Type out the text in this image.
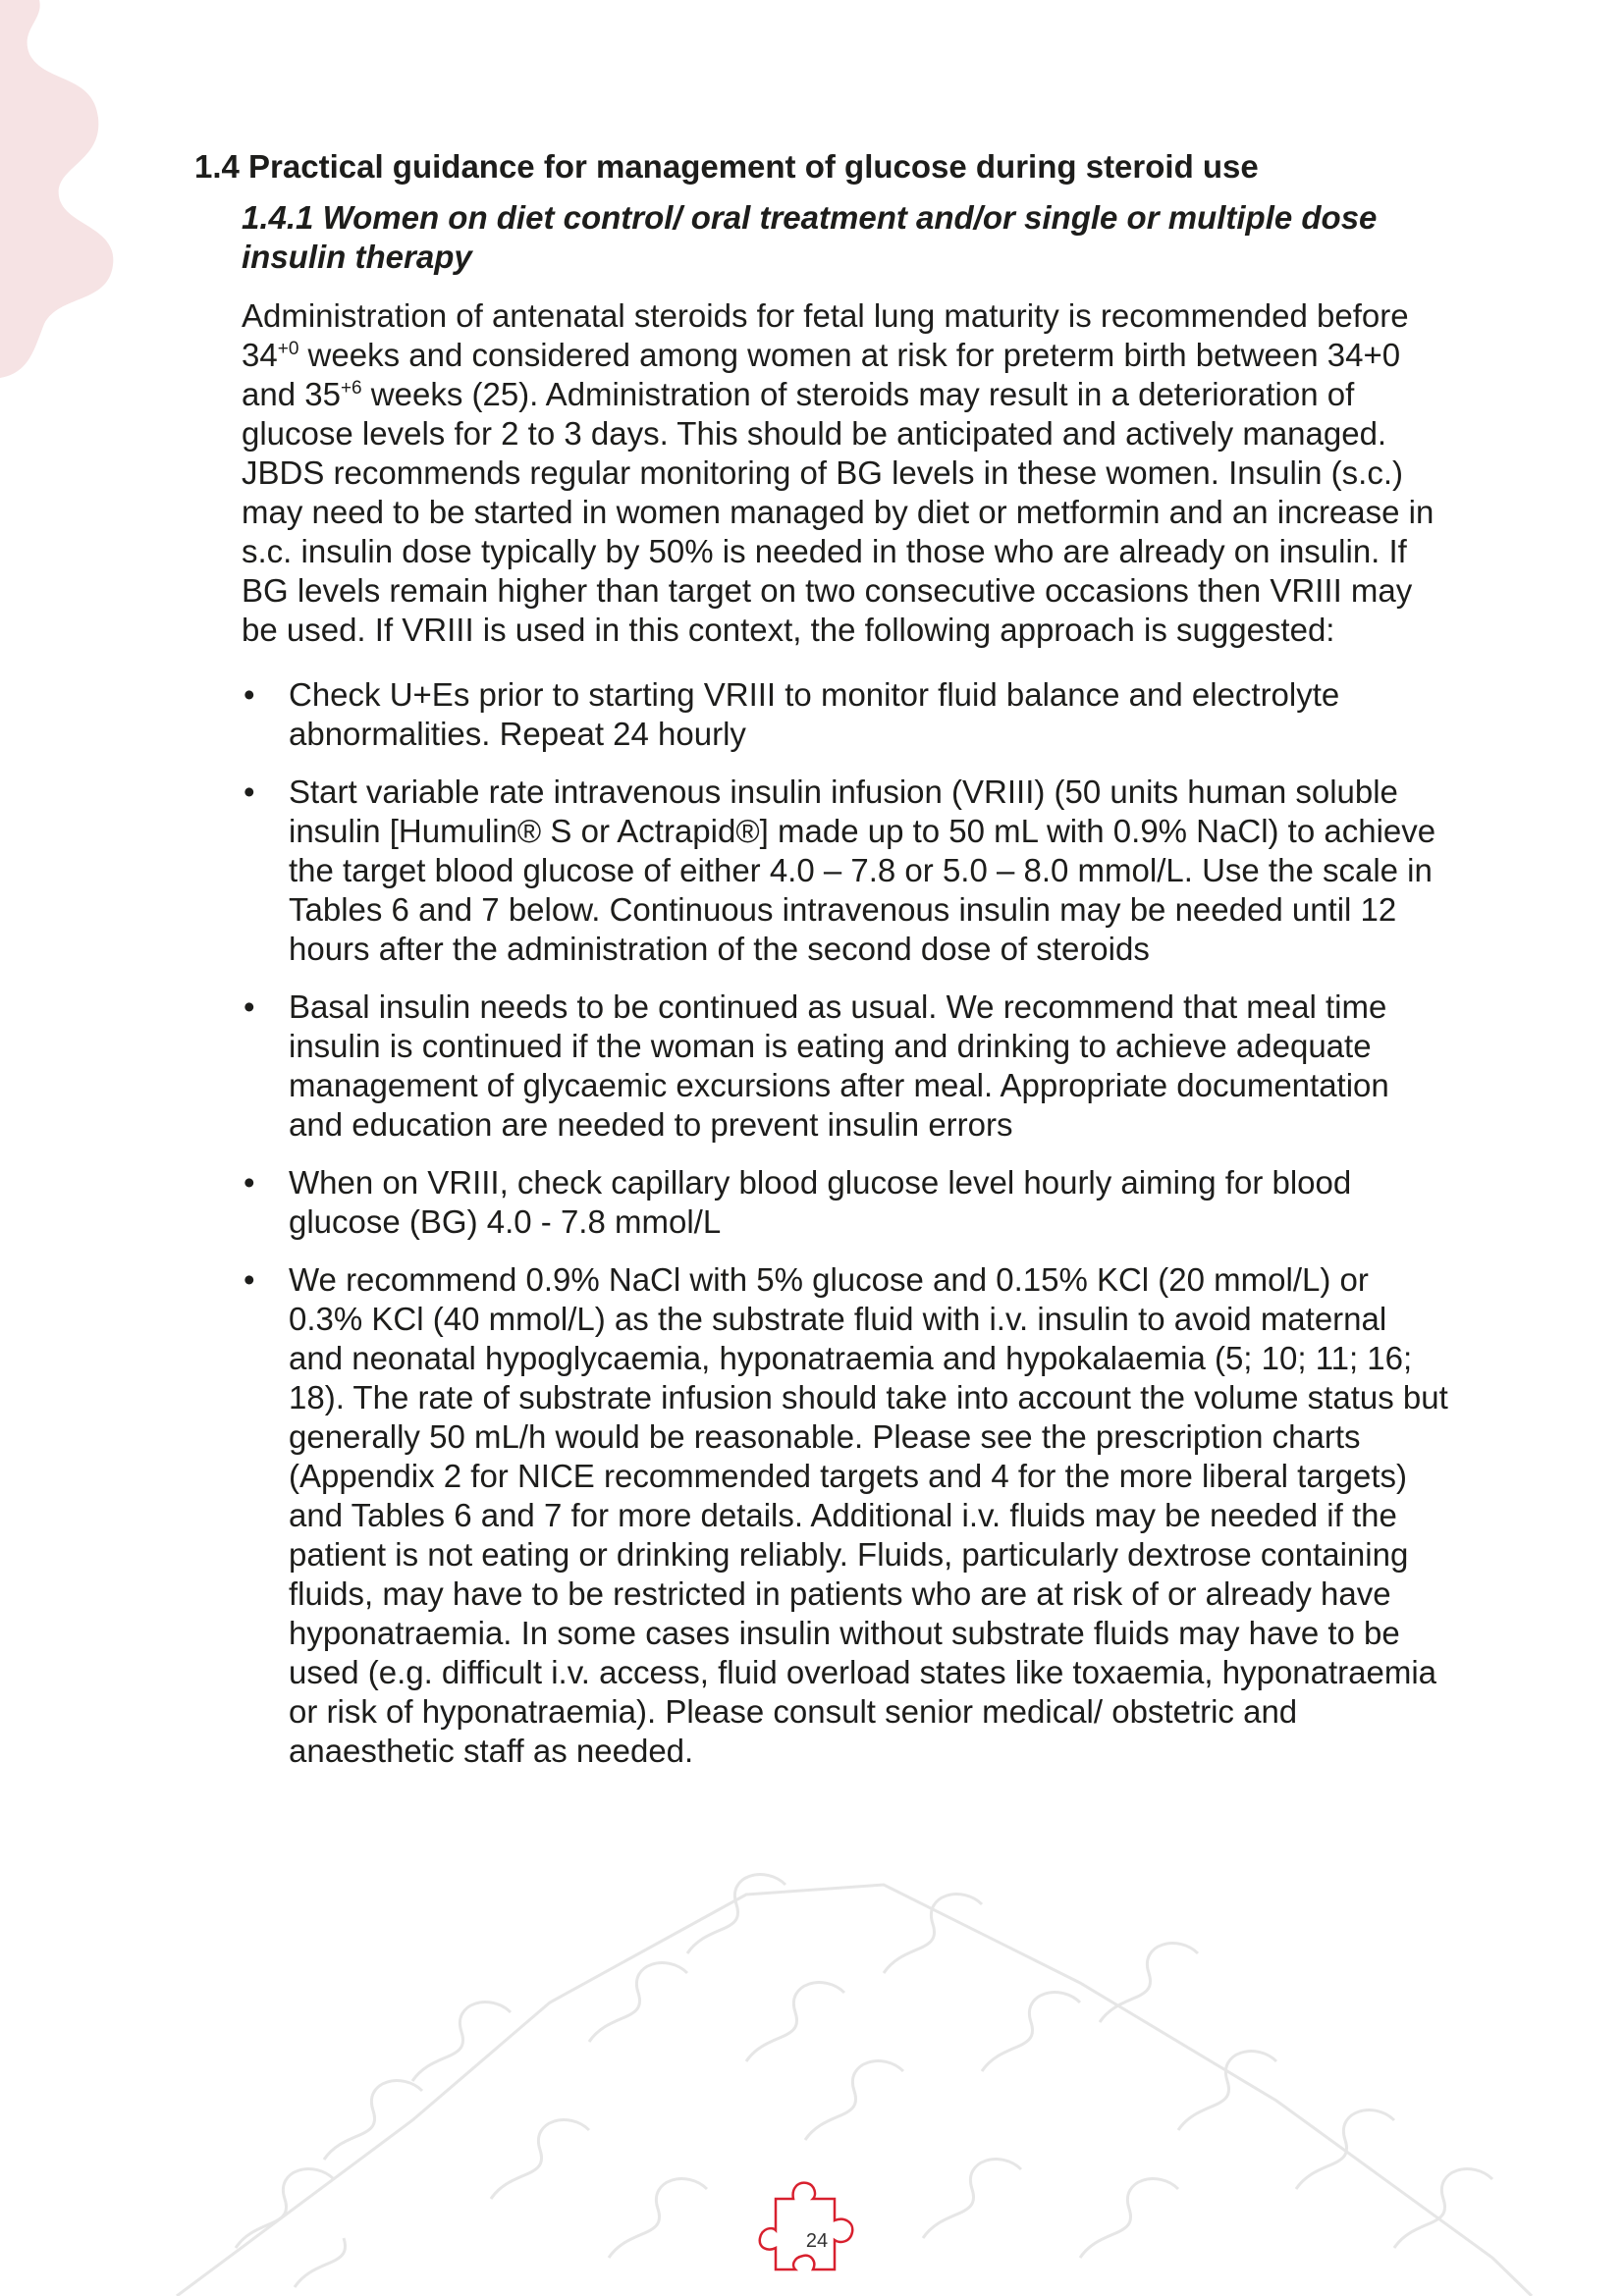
1.4 Practical guidance for management of glucose during steroid use
1.4.1 Women on diet control/ oral treatment and/or single or multiple dose insulin therapy

Administration of antenatal steroids for fetal lung maturity is recommended before $34^{+0}$ weeks and considered among women at risk for preterm birth between 34+0 and $35^{+6}$ weeks (25). Administration of steroids may result in a deterioration of glucose levels for 2 to 3 days. This should be anticipated and actively managed. JBDS recommends regular monitoring of BG levels in these women. Insulin (s.c.) may need to be started in women managed by diet or metformin and an increase in s.c. insulin dose typically by 50% is needed in those who are already on insulin. If BG levels remain higher than target on two consecutive occasions then VRIII may be used. If VRIII is used in this context, the following approach is suggested:

• Check U+Es prior to starting VRIII to monitor fluid balance and electrolyte abnormalities. Repeat 24 hourly
• Start variable rate intravenous insulin infusion (VRIII) (50 units human soluble insulin [Humulin® S or Actrapid®] made up to 50 mL with 0.9% NaCl) to achieve the target blood glucose of either 4.0 – 7.8 or 5.0 – 8.0 mmol/L. Use the scale in Tables 6 and 7 below. Continuous intravenous insulin may be needed until 12 hours after the administration of the second dose of steroids
• Basal insulin needs to be continued as usual. We recommend that meal time insulin is continued if the woman is eating and drinking to achieve adequate management of glycaemic excursions after meal. Appropriate documentation and education are needed to prevent insulin errors
• When on VRIII, check capillary blood glucose level hourly aiming for blood glucose (BG) 4.0 - 7.8 mmol/L
• We recommend 0.9% NaCl with 5% glucose and 0.15% KCl (20 mmol/L) or 0.3% KCl (40 mmol/L) as the substrate fluid with i.v. insulin to avoid maternal and neonatal hypoglycaemia, hyponatraemia and hypokalaemia (5; 10; 11; 16; 18). The rate of substrate infusion should take into account the volume status but generally 50 mL/h would be reasonable. Please see the prescription charts (Appendix 2 for NICE recommended targets and 4 for the more liberal targets) and Tables 6 and 7 for more details. Additional i.v. fluids may be needed if the patient is not eating or drinking reliably. Fluids, particularly dextrose containing fluids, may have to be restricted in patients who are at risk of or already have hyponatraemia. In some cases insulin without substrate fluids may have to be used (e.g. difficult i.v. access, fluid overload states like toxaemia, hyponatraemia or risk of hyponatraemia). Please consult senior medical/ obstetric and anaesthetic staff as needed.
24
